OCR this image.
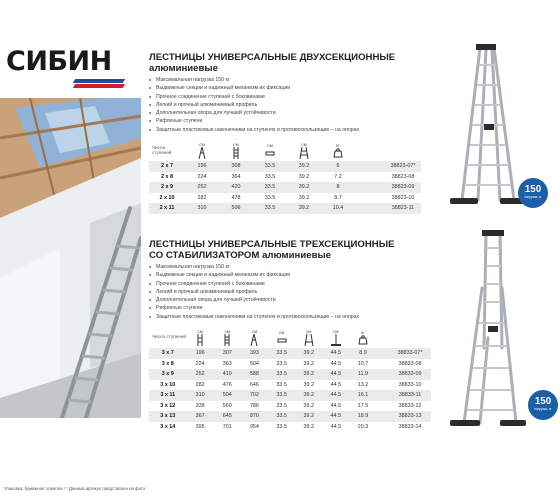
СИБИН	ЛЕСТНИЦЫ УНИВЕРСАЛЬНЫЕ ДВУХСЕКЦИОННЫЕ
алюминиевые
■ Максимальная нагрузка 150 кг
■ Выдвижные секции и надежный механизм их фиксации
■ Прочное соединение ступеней с боковинами
■ Легкий и прочный алюминиевый профиль
■ Дополнительная опора для лучшей устойчивости
■ Рифленые ступени
■ Защитные пластиковые наконечники на ступенях и противоскользящие – на опорах
Число ступеней	см	см	см	см	кг

2 x 7	196	308	33.5	39.2	6		38823-07*
2 x 8	224	364	33.5	39.2	7.2		38823-08
2 x 9	252	420	33.5	39.2	8		38823-09
2 x 10	282	478	33.5	39.2	8.7		38823-10
2 x 11	310	506	33.5	39.2	10.4		38823-11
150
нагрузка, кг
ЛЕСТНИЦЫ УНИВЕРСАЛЬНЫЕ ТРЕХСЕКЦИОННЫЕ
СО СТАБИЛИЗАТОРОМ алюминиевые
■ Максимальная нагрузка 150 кг
■ Выдвижные секции и надежный механизм их фиксации
■ Прочное соединение ступеней с боковинами
■ Легкий и прочный алюминиевый профиль
■ Дополнительная опора для лучшей устойчивости
■ Рифленые ступени
■ Защитные пластиковые наконечники на ступенях и противоскользящие – на опорах
Число ступеней	см	см	см	см	см	см	кг

3 x 7	196	307	393	33.5	39.2	44.5	8.9		38833-07*
3 x 8	224	363	504	33.5	39.2	44.5	10.7		38833-08
3 x 9	252	419	588	33.5	39.2	44.5	11.9		38833-09
3 x 10	282	476	646	33.5	39.2	44.5	13.2		38833-10
3 x 11	310	504	702	33.5	39.2	44.5	16.1		38833-11
3 x 12	338	560	786	33.5	39.2	44.5	17.5		38833-12
3 x 13	367	645	870	33.5	39.2	44.5	18.9		38833-13
3 x 14	395	701	954	33.5	39.2	44.5	20.3		38833-14
150
нагрузка, кг
Упаковка: бумажная этикетка / * Данный артикул представлен на фото
